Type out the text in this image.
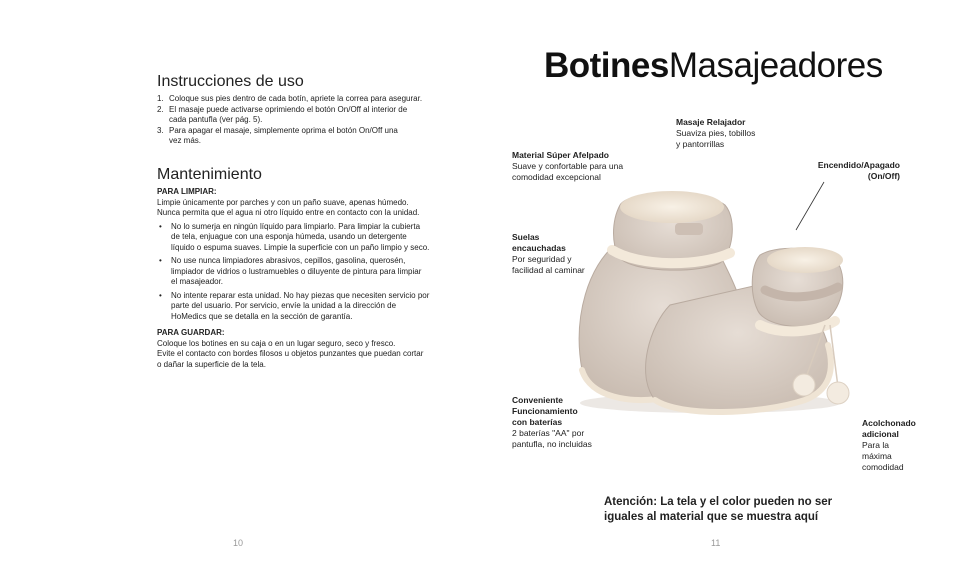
Instrucciones de uso
1. Coloque sus pies dentro de cada botín, apriete la correa para asegurar.
2. El masaje puede activarse oprimiendo el botón On/Off al interior de
cada pantufla (ver pág. 5).
3. Para apagar el masaje, simplemente oprima el botón On/Off una
vez más.
Mantenimiento
PARA LIMPIAR:
Limpie únicamente por parches y con un paño suave, apenas húmedo.
Nunca permita que el agua ni otro líquido entre en contacto con la unidad.
• No lo sumerja en ningún líquido para limpiarlo. Para limpiar la cubierta
de tela, enjuague con una esponja húmeda, usando un detergente
líquido o espuma suaves. Limpie la superficie con un paño limpio y seco.
• No use nunca limpiadores abrasivos, cepillos, gasolina, querosén,
limpiador de vidrios o lustramuebles o diluyente de pintura para limpiar
el masajeador.
• No intente reparar esta unidad. No hay piezas que necesiten servicio por
parte del usuario. Por servicio, envíe la unidad a la dirección de
HoMedics que se detalla en la sección de garantía.
PARA GUARDAR:
Coloque los botines en su caja o en un lugar seguro, seco y fresco.
Evite el contacto con bordes filosos u objetos punzantes que puedan cortar
o dañar la superficie de la tela.
10
BotinesMasajeadores
Masaje Relajador
Suaviza pies, tobillos
y pantorrillas
Material Súper Afelpado
Suave y confortable para una
comodidad excepcional
Encendido/Apagado
(On/Off)
Suelas
encauchadas
Por seguridad y
facilidad al caminar
Conveniente
Funcionamiento
con baterías
2 baterías "AA" por
pantufla, no incluidas
Acolchonado
adicional
Para la
máxima
comodidad
Atención: La tela y el color pueden no ser
iguales al material que se muestra aquí
11
